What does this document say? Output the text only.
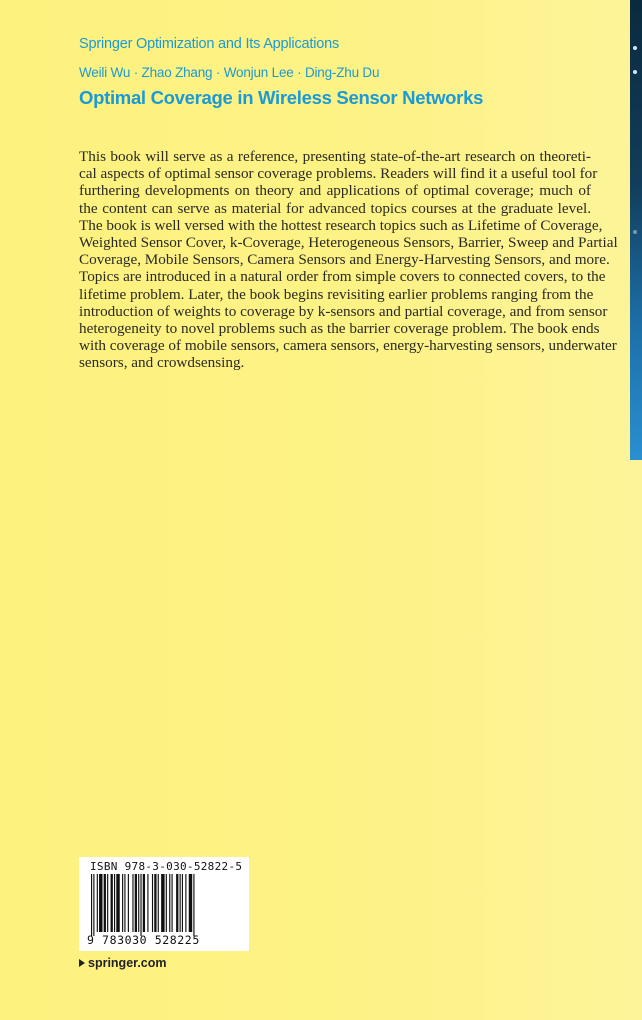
Springer Optimization and Its Applications
Weili Wu · Zhao Zhang · Wonjun Lee · Ding-Zhu Du
Optimal Coverage in Wireless Sensor Networks
This book will serve as a reference, presenting state-of-the-art research on theoreti-
cal aspects of optimal sensor coverage problems. Readers will find it a useful tool for
furthering developments on theory and applications of optimal coverage; much of
the content can serve as material for advanced topics courses at the graduate level.
The book is well versed with the hottest research topics such as Lifetime of Coverage,
Weighted Sensor Cover, k-Coverage, Heterogeneous Sensors, Barrier, Sweep and Partial
Coverage, Mobile Sensors, Camera Sensors and Energy-Harvesting Sensors, and more.
Topics are introduced in a natural order from simple covers to connected covers, to the
lifetime problem. Later, the book begins revisiting earlier problems ranging from the
introduction of weights to coverage by k-sensors and partial coverage, and from sensor
heterogeneity to novel problems such as the barrier coverage problem. The book ends
with coverage of mobile sensors, camera sensors, energy-harvesting sensors, underwater
sensors, and crowdsensing.
ISBN 978-3-030-52822-5
9 783030 528225
springer.com
